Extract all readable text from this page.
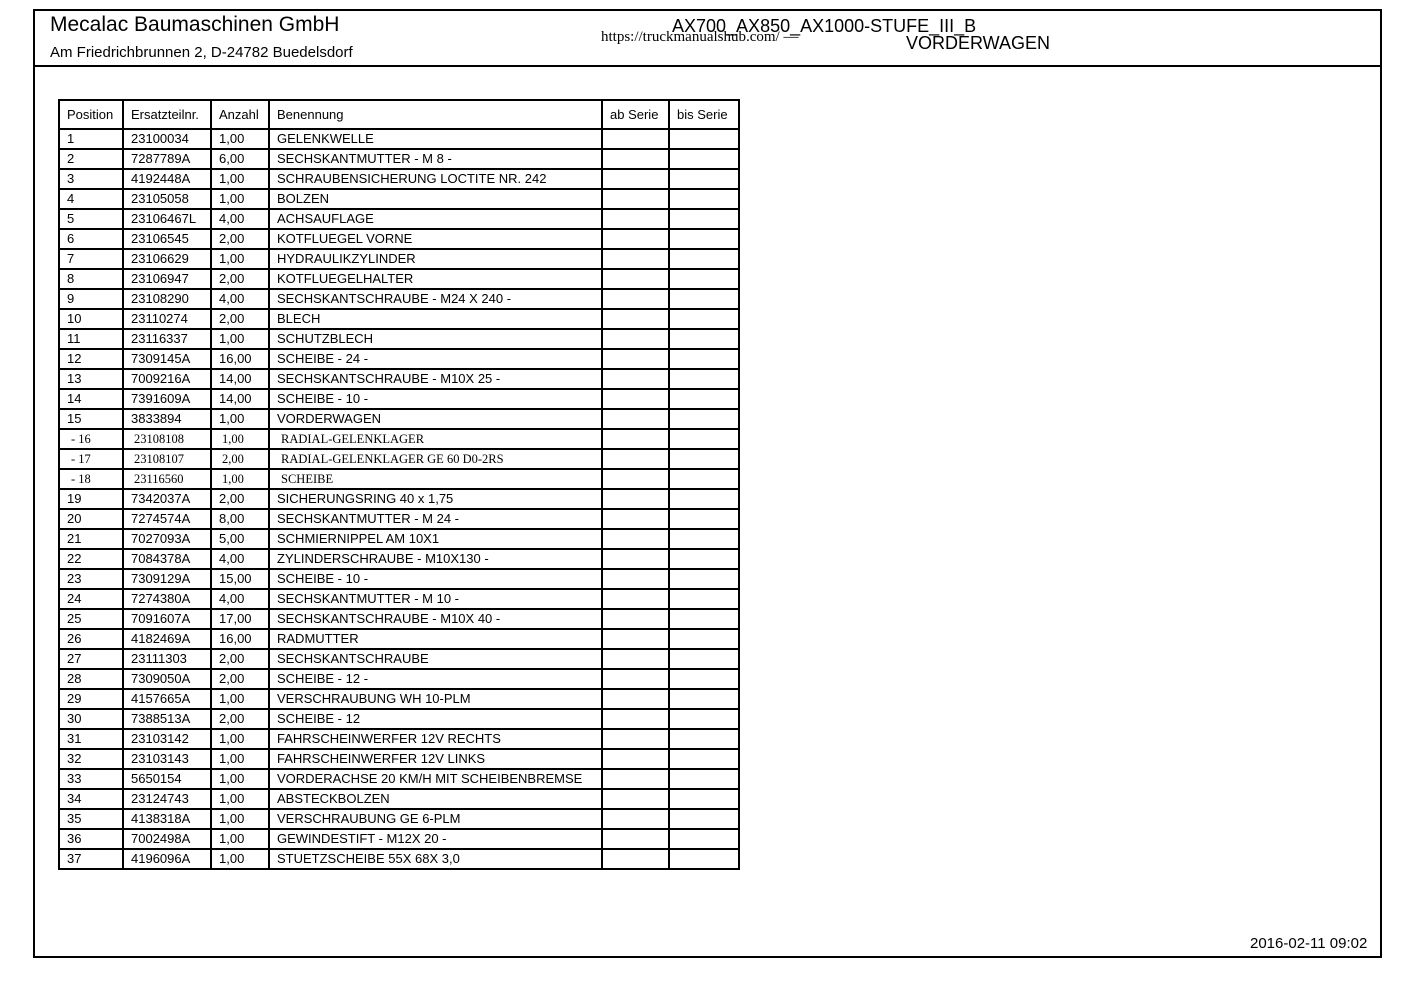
Mecalac Baumaschinen GmbH
Am Friedrichbrunnen 2, D-24782 Buedelsdorf
AX700_AX850_AX1000-STUFE_III_B
https://truckmanualshub.com/ —	VORDERWAGEN
Position	Ersatzteilnr.	Anzahl	Benennung	ab Serie	bis Serie
1	23100034	1,00	GELENKWELLE		
2	7287789A	6,00	SECHSKANTMUTTER - M 8 -		
3	4192448A	1,00	SCHRAUBENSICHERUNG LOCTITE NR. 242		
4	23105058	1,00	BOLZEN		
5	23106467L	4,00	ACHSAUFLAGE		
6	23106545	2,00	KOTFLUEGEL VORNE		
7	23106629	1,00	HYDRAULIKZYLINDER		
8	23106947	2,00	KOTFLUEGELHALTER		
9	23108290	4,00	SECHSKANTSCHRAUBE - M24 X 240 -		
10	23110274	2,00	BLECH		
11	23116337	1,00	SCHUTZBLECH		
12	7309145A	16,00	SCHEIBE - 24 -		
13	7009216A	14,00	SECHSKANTSCHRAUBE - M10X 25 -		
14	7391609A	14,00	SCHEIBE - 10 -		
15	3833894	1,00	VORDERWAGEN		
- 16	23108108	1,00	RADIAL-GELENKLAGER		
- 17	23108107	2,00	RADIAL-GELENKLAGER GE 60 D0-2RS		
- 18	23116560	1,00	SCHEIBE		
19	7342037A	2,00	SICHERUNGSRING 40 x 1,75		
20	7274574A	8,00	SECHSKANTMUTTER - M 24 -		
21	7027093A	5,00	SCHMIERNIPPEL AM 10X1		
22	7084378A	4,00	ZYLINDERSCHRAUBE - M10X130 -		
23	7309129A	15,00	SCHEIBE - 10 -		
24	7274380A	4,00	SECHSKANTMUTTER - M 10 -		
25	7091607A	17,00	SECHSKANTSCHRAUBE - M10X 40 -		
26	4182469A	16,00	RADMUTTER		
27	23111303	2,00	SECHSKANTSCHRAUBE		
28	7309050A	2,00	SCHEIBE - 12 -		
29	4157665A	1,00	VERSCHRAUBUNG WH 10-PLM		
30	7388513A	2,00	SCHEIBE - 12		
31	23103142	1,00	FAHRSCHEINWERFER 12V RECHTS		
32	23103143	1,00	FAHRSCHEINWERFER 12V LINKS		
33	5650154	1,00	VORDERACHSE 20 KM/H MIT SCHEIBENBREMSE		
34	23124743	1,00	ABSTECKBOLZEN		
35	4138318A	1,00	VERSCHRAUBUNG GE 6-PLM		
36	7002498A	1,00	GEWINDESTIFT - M12X 20 -		
37	4196096A	1,00	STUETZSCHEIBE 55X 68X 3,0		
2016-02-11 09:02
